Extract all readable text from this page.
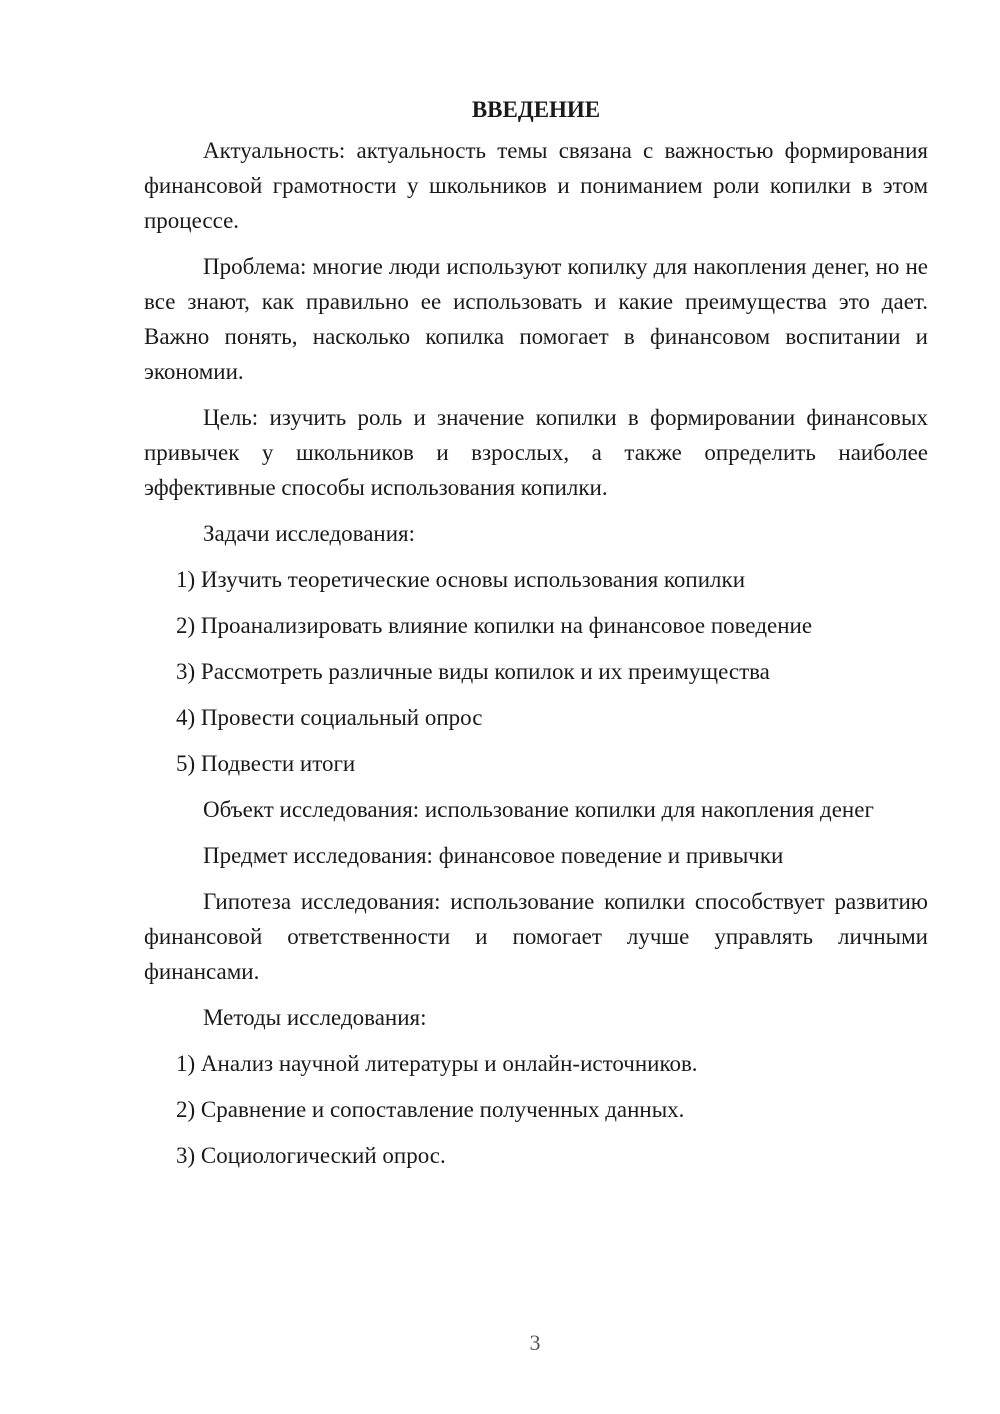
ВВЕДЕНИЕ

Актуальность: актуальность темы связана с важностью формирования финансовой грамотности у школьников и пониманием роли копилки в этом процессе.

Проблема: многие люди используют копилку для накопления денег, но не все знают, как правильно ее использовать и какие преимущества это дает. Важно понять, насколько копилка помогает в финансовом воспитании и экономии.

Цель: изучить роль и значение копилки в формировании финансовых привычек у школьников и взрослых, а также определить наиболее эффективные способы использования копилки.

Задачи исследования:

1) Изучить теоретические основы использования копилки
2) Проанализировать влияние копилки на финансовое поведение
3) Рассмотреть различные виды копилок и их преимущества
4) Провести социальный опрос
5) Подвести итоги

Объект исследования: использование копилки для накопления денег

Предмет исследования: финансовое поведение и привычки

Гипотеза исследования: использование копилки способствует развитию финансовой ответственности и помогает лучше управлять личными финансами.

Методы исследования:

1) Анализ научной литературы и онлайн-источников.
2) Сравнение и сопоставление полученных данных.
3) Социологический опрос.
3
